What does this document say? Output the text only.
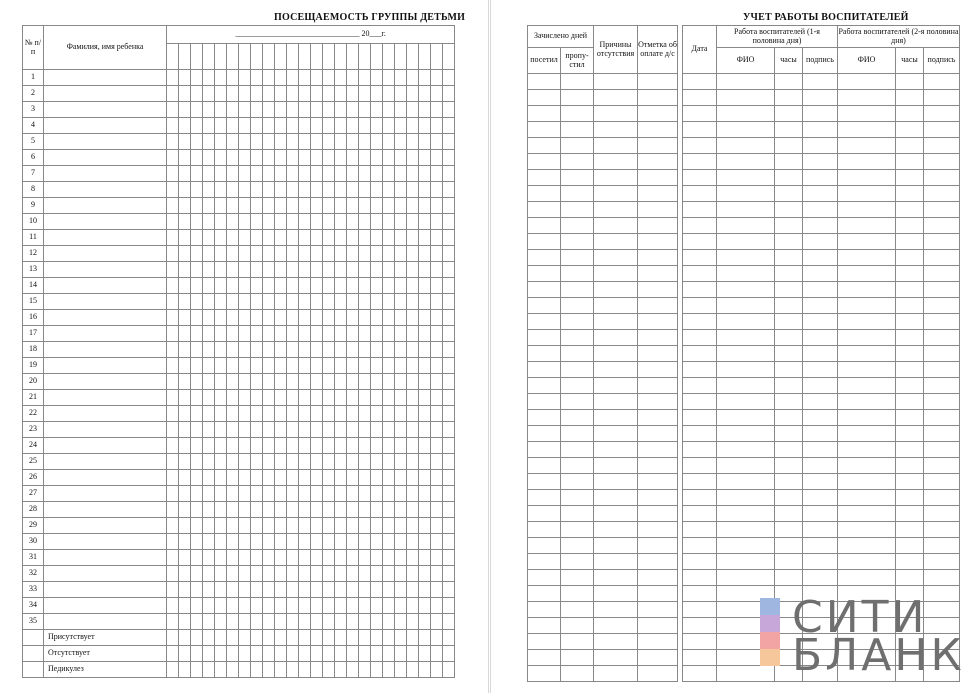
ПОСЕЩАЕМОСТЬ ГРУППЫ ДЕТЬМИ
№ п/п	Фамилия, имя ребенка	_______________________________ 20___г.																							

1																									
2																									
3																									
4																									
5																									
6																									
7																									
8																									
9																									
10																									
11																									
12																									
13																									
14																									
15																									
16																									
17																									
18																									
19																									
20																									
21																									
22																									
23																									
24																									
25																									
26																									
27																									
28																									
29																									
30																									
31																									
32																									
33																									
34																									
35																									
	Присутствует																								
	Отсутствует																								
	Педикулез																								
УЧЕТ РАБОТЫ ВОСПИТАТЕЛЕЙ
Зачислено дней		Причины отсутствия	Отметка об оплате д/с
посетил	пропу-стил		

Дата	Работа воспитателей (1-я половина дня)			Работа воспитателей (2-я половина дня)		
	ФИО	часы	подпись	ФИО	часы	подпись

СИТИ
БЛАНК
